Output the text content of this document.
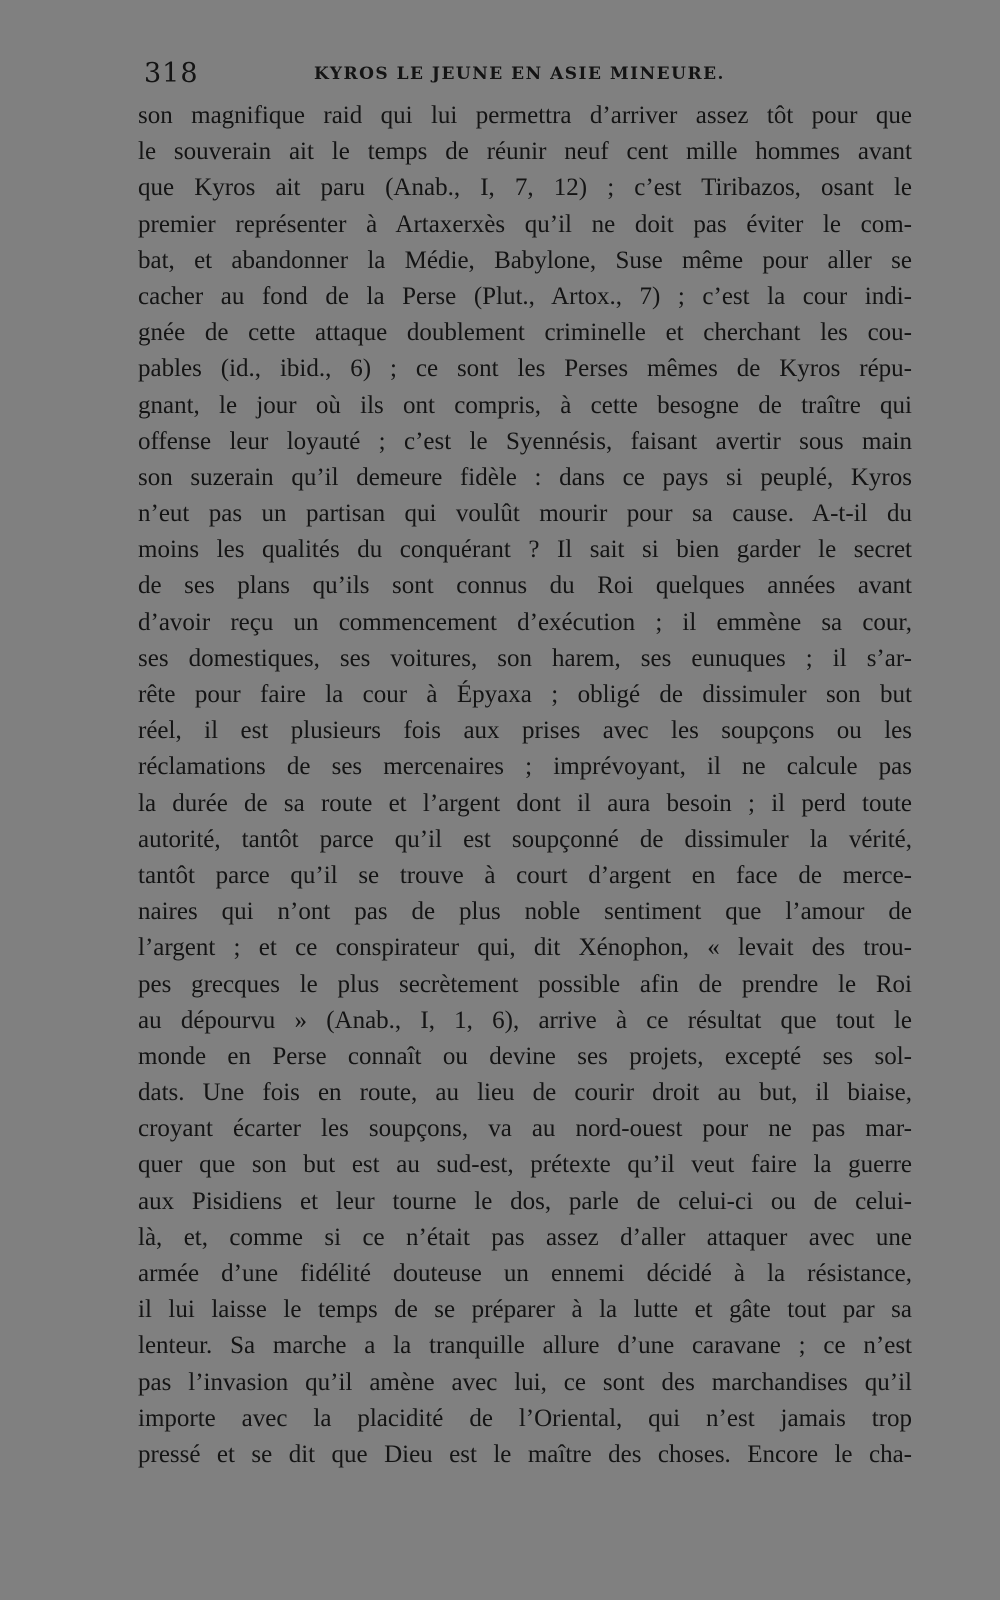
318	KYROS LE JEUNE EN ASIE MINEURE.
son magnifique raid qui lui permettra d’arriver assez tôt pour que
le souverain ait le temps de réunir neuf cent mille hommes avant
que Kyros ait paru (Anab., I, 7, 12) ; c’est Tiribazos, osant le
premier représenter à Artaxerxès qu’il ne doit pas éviter le com-
bat, et abandonner la Médie, Babylone, Suse même pour aller se
cacher au fond de la Perse (Plut., Artox., 7) ; c’est la cour indi-
gnée de cette attaque doublement criminelle et cherchant les cou-
pables (id., ibid., 6) ; ce sont les Perses mêmes de Kyros répu-
gnant, le jour où ils ont compris, à cette besogne de traître qui
offense leur loyauté ; c’est le Syennésis, faisant avertir sous main
son suzerain qu’il demeure fidèle : dans ce pays si peuplé, Kyros
n’eut pas un partisan qui voulût mourir pour sa cause. A-t-il du
moins les qualités du conquérant ? Il sait si bien garder le secret
de ses plans qu’ils sont connus du Roi quelques années avant
d’avoir reçu un commencement d’exécution ; il emmène sa cour,
ses domestiques, ses voitures, son harem, ses eunuques ; il s’ar-
rête pour faire la cour à Épyaxa ; obligé de dissimuler son but
réel, il est plusieurs fois aux prises avec les soupçons ou les
réclamations de ses mercenaires ; imprévoyant, il ne calcule pas
la durée de sa route et l’argent dont il aura besoin ; il perd toute
autorité, tantôt parce qu’il est soupçonné de dissimuler la vérité,
tantôt parce qu’il se trouve à court d’argent en face de merce-
naires qui n’ont pas de plus noble sentiment que l’amour de
l’argent ; et ce conspirateur qui, dit Xénophon, « levait des trou-
pes grecques le plus secrètement possible afin de prendre le Roi
au dépourvu » (Anab., I, 1, 6), arrive à ce résultat que tout le
monde en Perse connaît ou devine ses projets, excepté ses sol-
dats. Une fois en route, au lieu de courir droit au but, il biaise,
croyant écarter les soupçons, va au nord-ouest pour ne pas mar-
quer que son but est au sud-est, prétexte qu’il veut faire la guerre
aux Pisidiens et leur tourne le dos, parle de celui-ci ou de celui-
là, et, comme si ce n’était pas assez d’aller attaquer avec une
armée d’une fidélité douteuse un ennemi décidé à la résistance,
il lui laisse le temps de se préparer à la lutte et gâte tout par sa
lenteur. Sa marche a la tranquille allure d’une caravane ; ce n’est
pas l’invasion qu’il amène avec lui, ce sont des marchandises qu’il
importe avec la placidité de l’Oriental, qui n’est jamais trop
pressé et se dit que Dieu est le maître des choses. Encore le cha-
